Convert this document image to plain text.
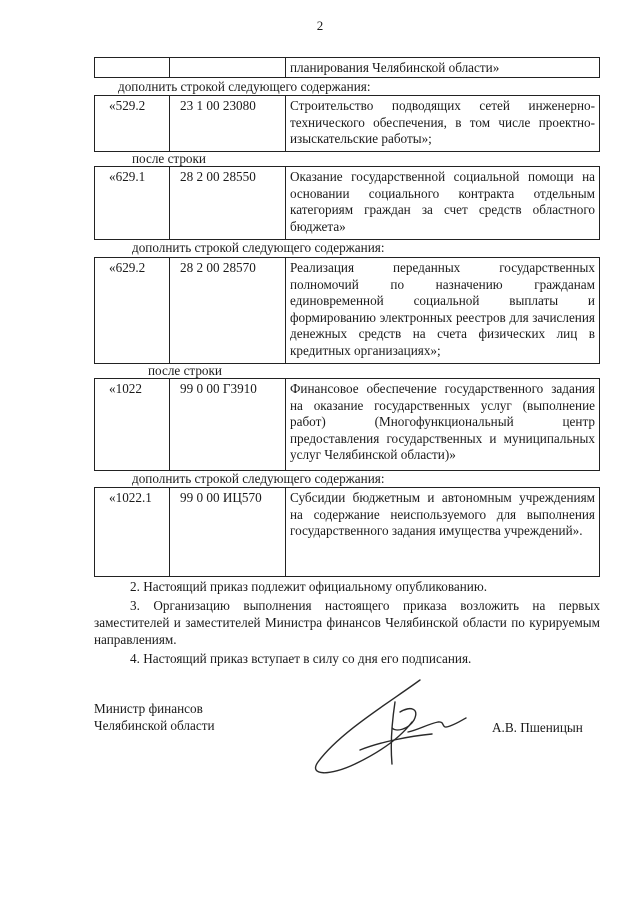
2
планирования Челябинской области»
дополнить строкой следующего содержания:
«529.2	23 1 00 23080	Строительство подводящих сетей инженерно-технического обеспечения, в том числе проектно-изыскательские работы»;
после строки
«629.1	28 2 00 28550	Оказание государственной социальной помощи на основании социального контракта отдельным категориям граждан за счет средств областного бюджета»
дополнить строкой следующего содержания:
«629.2	28 2 00 28570	Реализация переданных государственных полномочий по назначению гражданам единовременной социальной выплаты и формированию электронных реестров для зачисления денежных средств на счета физических лиц в кредитных организациях»;
после строки
«1022	99 0 00 Г3910	Финансовое обеспечение государственного задания на оказание государственных услуг (выполнение работ) (Многофункциональный центр предоставления государственных и муниципальных услуг Челябинской области)»
дополнить строкой следующего содержания:
«1022.1	99 0 00 ИЦ570	Субсидии бюджетным и автономным учреждениям на содержание неиспользуемого для выполнения государственного задания имущества учреждений».
2. Настоящий приказ подлежит официальному опубликованию.
3. Организацию выполнения настоящего приказа возложить на первых заместителей и заместителей Министра финансов Челябинской области по курируемым направлениям.
4. Настоящий приказ вступает в силу со дня его подписания.
Министр финансов
Челябинской области	А.В. Пшеницын
